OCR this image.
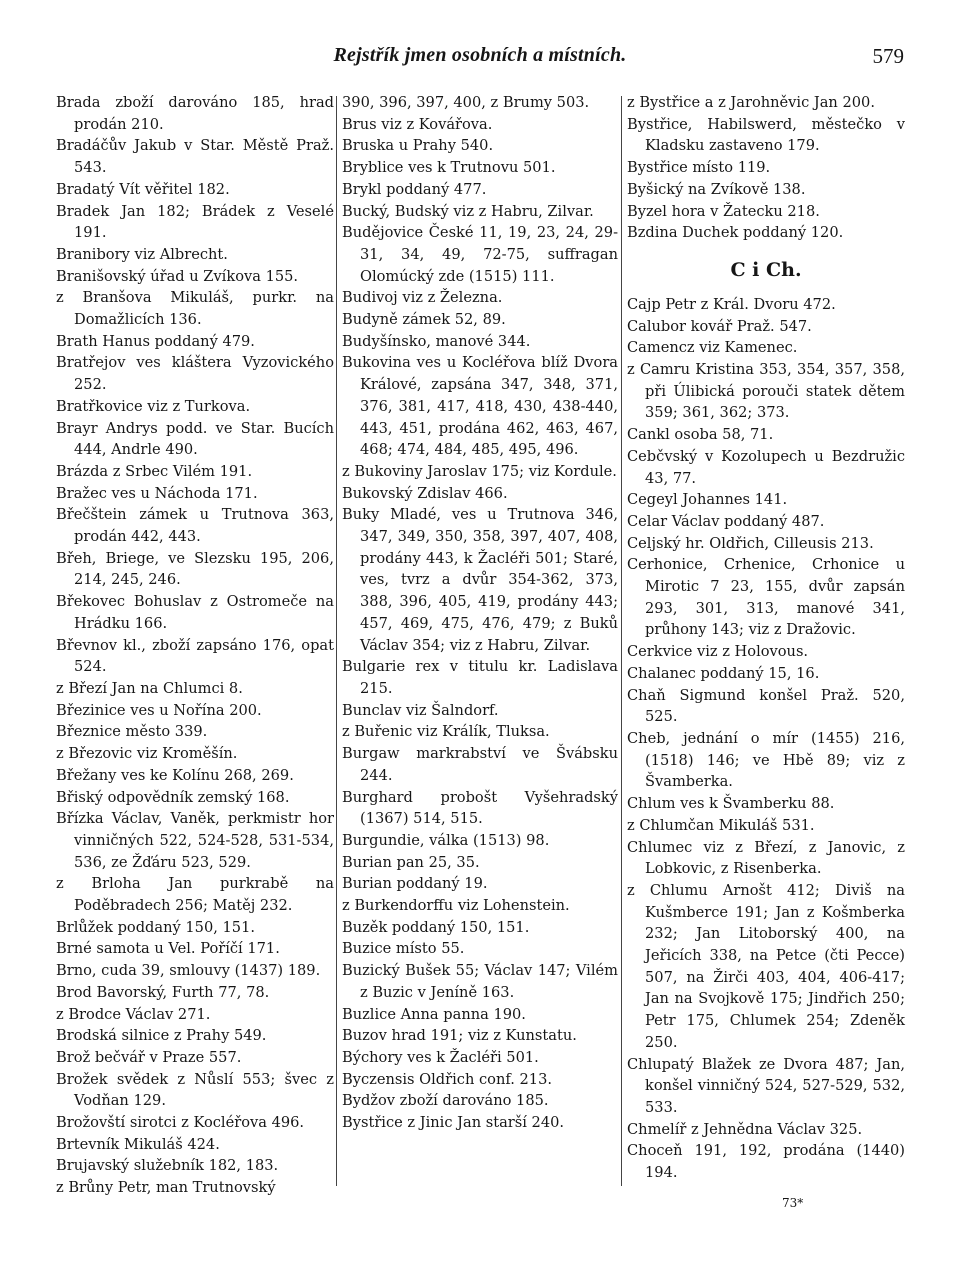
Rejstřík jmen osobních a místních.	579

Brada zboží darováno 185, hrad prodán 210.

Bradáčův Jakub v Star. Městě Praž. 543.

Bradatý Vít věřitel 182.

Bradek Jan 182; Brádek z Veselé 191.

Branibory viz Albrecht.

Branišovský úřad u Zvíkova 155.

z Branšova Mikuláš, purkr. na Domažlicích 136.

Brath Hanus poddaný 479.

Bratřejov ves kláštera Vyzovického 252.

Bratřkovice viz z Turkova.

Brayr Andrys podd. ve Star. Bucích 444, Andrle 490.

Brázda z Srbec Vilém 191.

Bražec ves u Náchoda 171.

Břečštein zámek u Trutnova 363, prodán 442, 443.

Břeh, Briege, ve Slezsku 195, 206, 214, 245, 246.

Břekovec Bohuslav z Ostromeče na Hrádku 166.

Břevnov kl., zboží zapsáno 176, opat 524.

z Březí Jan na Chlumci 8.

Březinice ves u Nořína 200.

Březnice město 339.

z Březovic viz Kroměšín.

Břežany ves ke Kolínu 268, 269.

Břiský odpovědník zemský 168.

Břízka Václav, Vaněk, perkmistr hor vinničných 522, 524-528, 531-534, 536, ze Žďáru 523, 529.

z Brloha Jan purkrabě na Poděbradech 256; Matěj 232.

Brlůžek poddaný 150, 151.

Brné samota u Vel. Poříčí 171.

Brno, cuda 39, smlouvy (1437) 189.

Brod Bavorský, Furth 77, 78.

z Brodce Václav 271.

Brodská silnice z Prahy 549.

Brož bečvář v Praze 557.

Brožek svědek z Nůslí 553; švec z Vodňan 129.

Brožovští sirotci z Kocléřova 496.

Brtevník Mikuláš 424.

Brujavský služebník 182, 183.

z Brůny Petr, man Trutnovský

390, 396, 397, 400, z Brumy 503.

Brus viz z Kovářova.

Bruska u Prahy 540.

Bryblice ves k Trutnovu 501.

Brykl poddaný 477.

Bucký, Budský viz z Habru, Zilvar.

Budějovice České 11, 19, 23, 24, 29-31, 34, 49, 72-75, suffragan Olomúcký zde (1515) 111.

Budivoj viz z Železna.

Budyně zámek 52, 89.

Budyšínsko, manové 344.

Bukovina ves u Kocléřova blíž Dvora Králové, zapsána 347, 348, 371, 376, 381, 417, 418, 430, 438-440, 443, 451, prodána 462, 463, 467, 468; 474, 484, 485, 495, 496.

z Bukoviny Jaroslav 175; viz Kordule.

Bukovský Zdislav 466.

Buky Mladé, ves u Trutnova 346, 347, 349, 350, 358, 397, 407, 408, prodány 443, k Žacléři 501; Staré, ves, tvrz a dvůr 354-362, 373, 388, 396, 405, 419, prodány 443; 457, 469, 475, 476, 479; z Buků Václav 354; viz z Habru, Zilvar.

Bulgarie rex v titulu kr. Ladislava 215.

Bunclav viz Šalndorf.

z Buřenic viz Králík, Tluksa.

Burgaw markrabství ve Švábsku 244.

Burghard probošt Vyšehradský (1367) 514, 515.

Burgundie, válka (1513) 98.

Burian pan 25, 35.

Burian poddaný 19.

z Burkendorffu viz Lohenstein.

Buzěk poddaný 150, 151.

Buzice místo 55.

Buzický Bušek 55; Václav 147; Vilém z Buzic v Jeníně 163.

Buzlice Anna panna 190.

Buzov hrad 191; viz z Kunstatu.

Býchory ves k Žacléři 501.

Byczensis Oldřich conf. 213.

Bydžov zboží darováno 185.

Bystřice z Jinic Jan starší 240.

z Bystřice a z Jarohněvic Jan 200.

Bystřice, Habilswerd, městečko v Kladsku zastaveno 179.

Bystřice místo 119.

Byšický na Zvíkově 138.

Byzel hora v Žatecku 218.

Bzdina Duchek poddaný 120.

C i Ch.

Cajp Petr z Král. Dvoru 472.

Calubor kovář Praž. 547.

Camencz viz Kamenec.

z Camru Kristina 353, 354, 357, 358, při Úlibická porouči statek dětem 359; 361, 362; 373.

Cankl osoba 58, 71.

Cebčvský v Kozolupech u Bezdružic 43, 77.

Cegeyl Johannes 141.

Celar Václav poddaný 487.

Celjský hr. Oldřich, Cilleusis 213.

Cerhonice, Crhenice, Crhonice u Mirotic 7 23, 155, dvůr zapsán 293, 301, 313, manové 341, průhony 143; viz z Dražovic.

Cerkvice viz z Holovous.

Chalanec poddaný 15, 16.

Chaň Sigmund konšel Praž. 520, 525.

Cheb, jednání o mír (1455) 216, (1518) 146; ve Hbě 89; viz z Švamberka.

Chlum ves k Švamberku 88.

z Chlumčan Mikuláš 531.

Chlumec viz z Březí, z Janovic, z Lobkovic, z Risenberka.

z Chlumu Arnošt 412; Diviš na Kušmberce 191; Jan z Košmberka 232; Jan Litoborský 400, na Jeřicích 338, na Petce (čti Pecce) 507, na Žirči 403, 404, 406-417; Jan na Svojkově 175; Jindřich 250; Petr 175, Chlumek 254; Zdeněk 250.

Chlupatý Blažek ze Dvora 487; Jan, konšel vinničný 524, 527-529, 532, 533.

Chmelíř z Jehnědna Václav 325.

Choceň 191, 192, prodána (1440) 194.

73*
